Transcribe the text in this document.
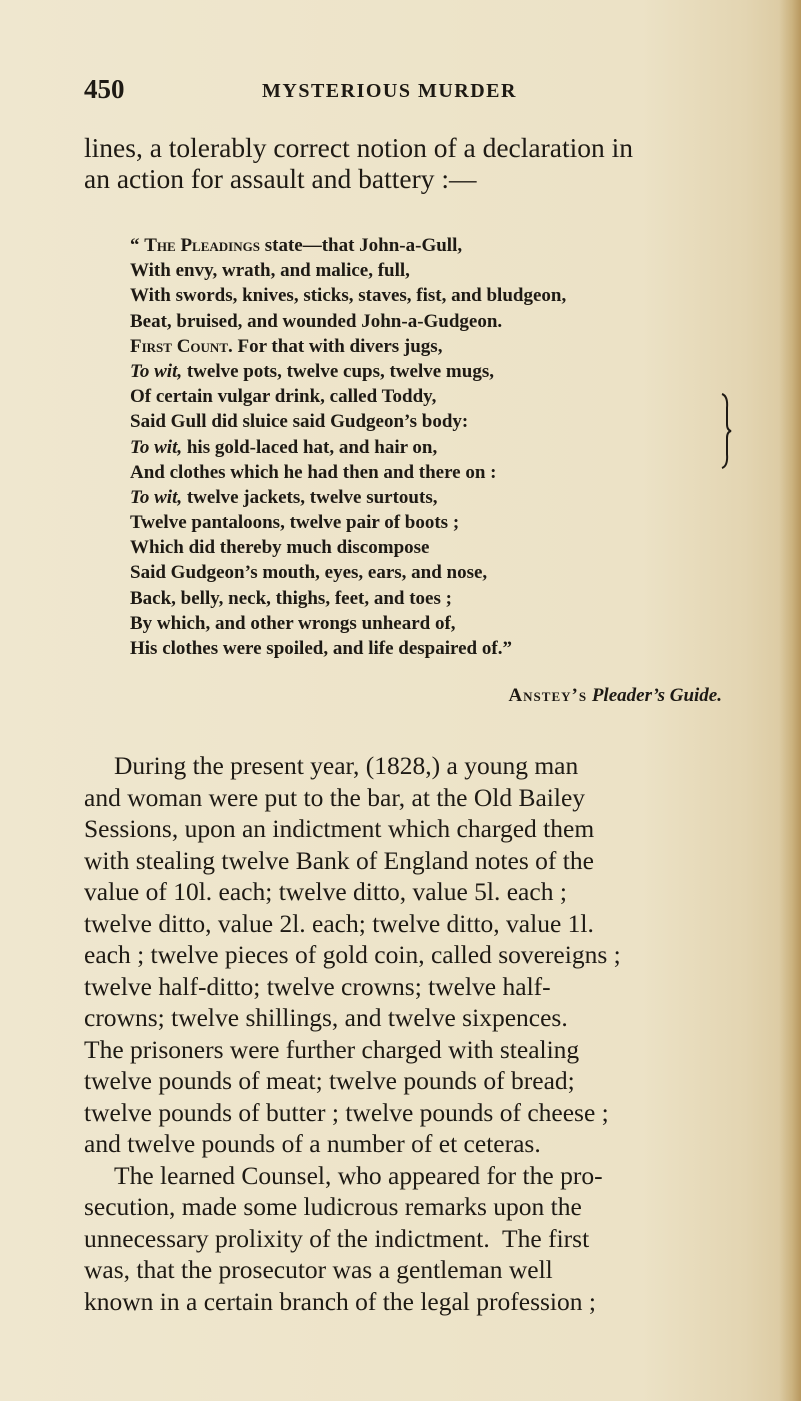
450	MYSTERIOUS MURDER
lines, a tolerably correct notion of a declaration in
an action for assault and battery :—
“ The Pleadings state—that John-a-Gull,
With envy, wrath, and malice, full,
With swords, knives, sticks, staves, fist, and bludgeon,
Beat, bruised, and wounded John-a-Gudgeon.
First Count. For that with divers jugs,
To wit, twelve pots, twelve cups, twelve mugs,
Of certain vulgar drink, called Toddy,
Said Gull did sluice said Gudgeon’s body:
To wit, his gold-laced hat, and hair on,
And clothes which he had then and there on :
To wit, twelve jackets, twelve surtouts,
Twelve pantaloons, twelve pair of boots ;
Which did thereby much discompose
Said Gudgeon’s mouth, eyes, ears, and nose,
Back, belly, neck, thighs, feet, and toes ;
By which, and other wrongs unheard of,
His clothes were spoiled, and life despaired of.”
Anstey’s Pleader’s Guide.
During the present year, (1828,) a young man
and woman were put to the bar, at the Old Bailey
Sessions, upon an indictment which charged them
with stealing twelve Bank of England notes of the
value of 10l. each; twelve ditto, value 5l. each ;
twelve ditto, value 2l. each; twelve ditto, value 1l.
each ; twelve pieces of gold coin, called sovereigns ;
twelve half-ditto; twelve crowns; twelve half-
crowns; twelve shillings, and twelve sixpences.
The prisoners were further charged with stealing
twelve pounds of meat; twelve pounds of bread;
twelve pounds of butter ; twelve pounds of cheese ;
and twelve pounds of a number of et ceteras.
The learned Counsel, who appeared for the pro-
secution, made some ludicrous remarks upon the
unnecessary prolixity of the indictment.  The first
was, that the prosecutor was a gentleman well
known in a certain branch of the legal profession ;
